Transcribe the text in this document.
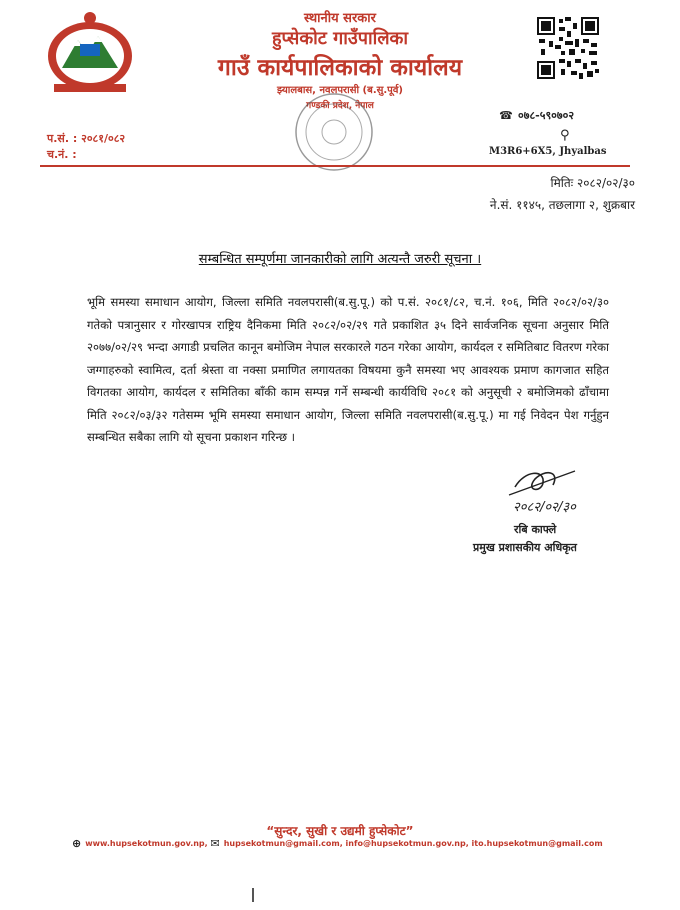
स्थानीय सरकार
हुप्सेकोट गाउँपालिका
गाउँ कार्यपालिकाको कार्यालय
झ्यालबास, नवलपरासी (ब.सु.पूर्व)
गण्डकी प्रदेश, नेपाल
☎ ०७८-५९०७०२
⚲
M3R6+6X5, Jhyalbas
प.सं. : २०८१/०८२
च.नं. :
मितिः २०८२/०२/३०
ने.सं. ११४५, तछलागा २, शुक्रबार
सम्बन्धित सम्पूर्णमा जानकारीको लागि अत्यन्तै जरुरी सूचना ।
भूमि समस्या समाधान आयोग, जिल्ला समिति नवलपरासी(ब.सु.पू.) को प.सं. २०८१/८२, च.नं. १०६, मिति २०८२/०२/३० गतेको पत्रानुसार र गोरखापत्र राष्ट्रिय दैनिकमा मिति २०८२/०२/२९ गते प्रकाशित ३५ दिने सार्वजनिक सूचना अनुसार मिति २०७७/०२/२९ भन्दा अगाडी प्रचलित कानून बमोजिम नेपाल सरकारले गठन गरेका आयोग, कार्यदल र समितिबाट वितरण गरेका जग्गाहरुको स्वामित्व, दर्ता श्रेस्ता वा नक्सा प्रमाणित लगायतका विषयमा कुनै समस्या भए आवश्यक प्रमाण कागजात सहित विगतका आयोग, कार्यदल र समितिका बाँकी काम सम्पन्न गर्ने सम्बन्धी कार्यविधि २०८१ को अनुसूची २ बमोजिमको ढाँचामा मिति २०८२/०३/३२ गतेसम्म भूमि समस्या समाधान आयोग, जिल्ला समिति नवलपरासी(ब.सु.पू.) मा गई निवेदन पेश गर्नुहुन सम्बन्धित सबैका लागि यो सूचना प्रकाशन गरिन्छ ।
२०८२/०२/३०
रबि काफ्ले
प्रमुख प्रशासकीय अधिकृत
“सुन्दर, सुखी र उद्यमी हुप्सेकोट”
⊕ www.hupsekotmun.gov.np, ✉ hupsekotmun@gmail.com, info@hupsekotmun.gov.np, ito.hupsekotmun@gmail.com
